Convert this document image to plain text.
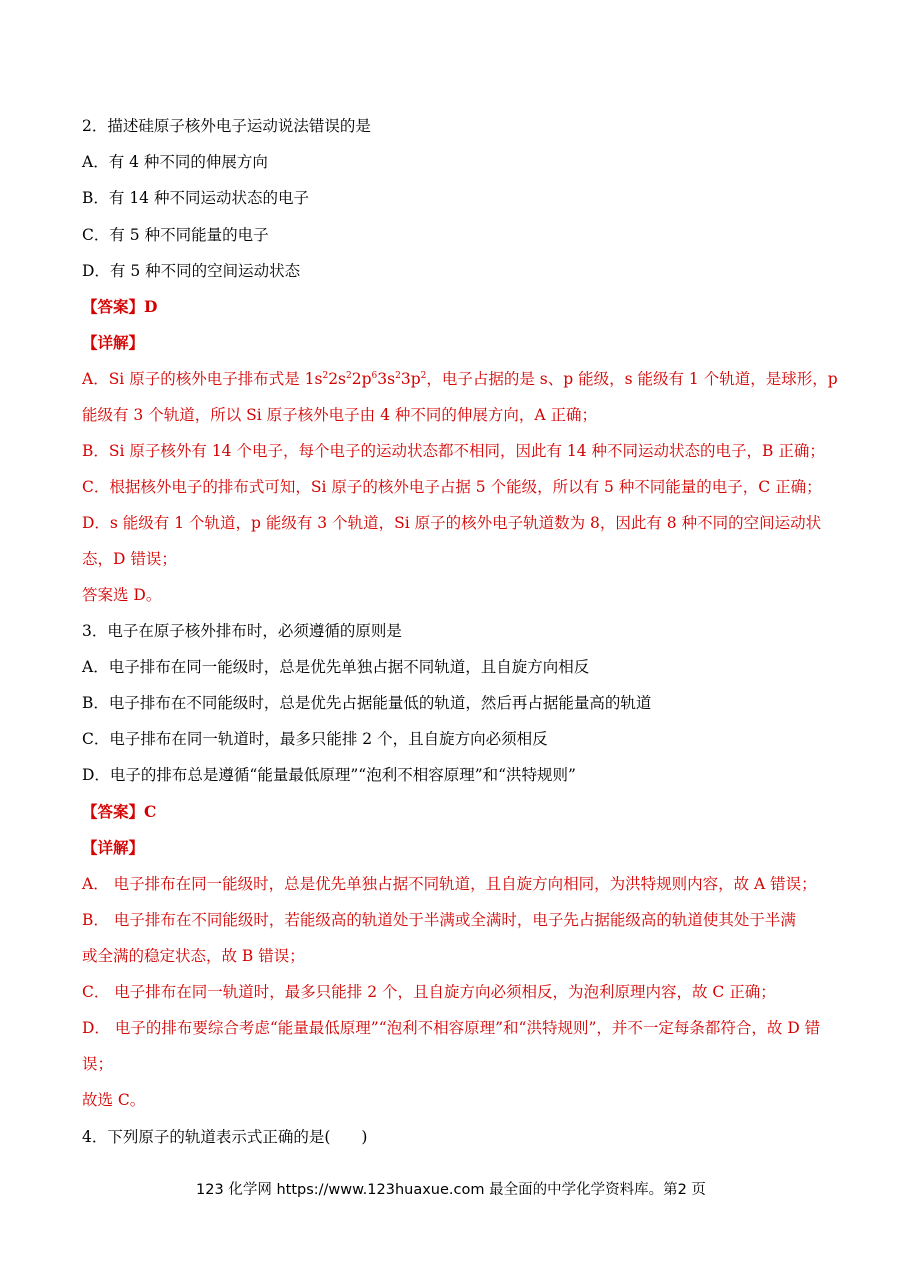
2．描述硅原子核外电子运动说法错误的是
A．有 4 种不同的伸展方向
B．有 14 种不同运动状态的电子
C．有 5 种不同能量的电子
D．有 5 种不同的空间运动状态
【答案】D
【详解】
A．Si 原子的核外电子排布式是 $1s^22s^22p^63s^23p^2$，电子占据的是 s、p 能级，s 能级有 1 个轨道，是球形，p
能级有 3 个轨道，所以 Si 原子核外电子由 4 种不同的伸展方向，A 正确；
B．Si 原子核外有 14 个电子，每个电子的运动状态都不相同，因此有 14 种不同运动状态的电子，B 正确；
C．根据核外电子的排布式可知，Si 原子的核外电子占据 5 个能级，所以有 5 种不同能量的电子，C 正确；
D．s 能级有 1 个轨道，p 能级有 3 个轨道，Si 原子的核外电子轨道数为 8，因此有 8 种不同的空间运动状
态，D 错误；
答案选 D。
3．电子在原子核外排布时，必须遵循的原则是
A．电子排布在同一能级时，总是优先单独占据不同轨道，且自旋方向相反
B．电子排布在不同能级时，总是优先占据能量低的轨道，然后再占据能量高的轨道
C．电子排布在同一轨道时，最多只能排 2 个，且自旋方向必须相反
D．电子的排布总是遵循“能量最低原理”“泡利不相容原理”和“洪特规则”
【答案】C
【详解】
A． 电子排布在同一能级时，总是优先单独占据不同轨道，且自旋方向相同，为洪特规则内容，故 A 错误；
B． 电子排布在不同能级时，若能级高的轨道处于半满或全满时，电子先占据能级高的轨道使其处于半满
或全满的稳定状态，故 B 错误；
C． 电子排布在同一轨道时，最多只能排 2 个，且自旋方向必须相反，为泡利原理内容，故 C 正确；
D． 电子的排布要综合考虑“能量最低原理”“泡利不相容原理”和“洪特规则”，并不一定每条都符合，故 D 错
误；
故选 C。
4．下列原子的轨道表示式正确的是(　　)
123 化学网 https://www.123huaxue.com 最全面的中学化学资料库。第2 页
